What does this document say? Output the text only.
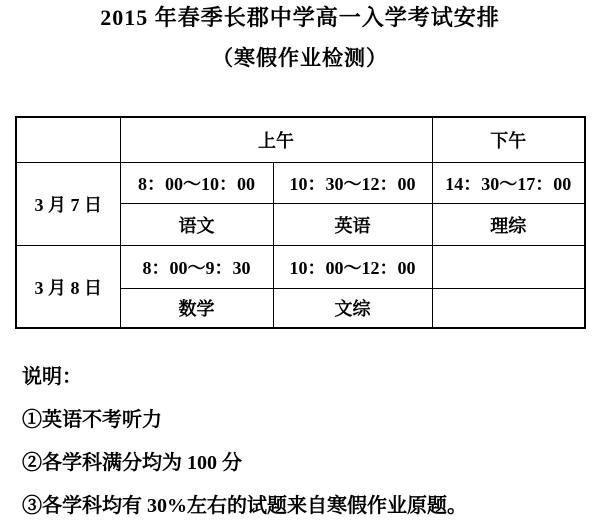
2015 年春季长郡中学高一入学考试安排
（寒假作业检测）
	上午		下午
3 月 7 日	8：00～10：00	10：30～12：00	14：30～17：00
	语文	英语	理综
3 月 8 日	8：00～9：30	10：00～12：00	
	数学	文综	
说明：
①英语不考听力
②各学科满分均为 100 分
③各学科均有 30%左右的试题来自寒假作业原题。
